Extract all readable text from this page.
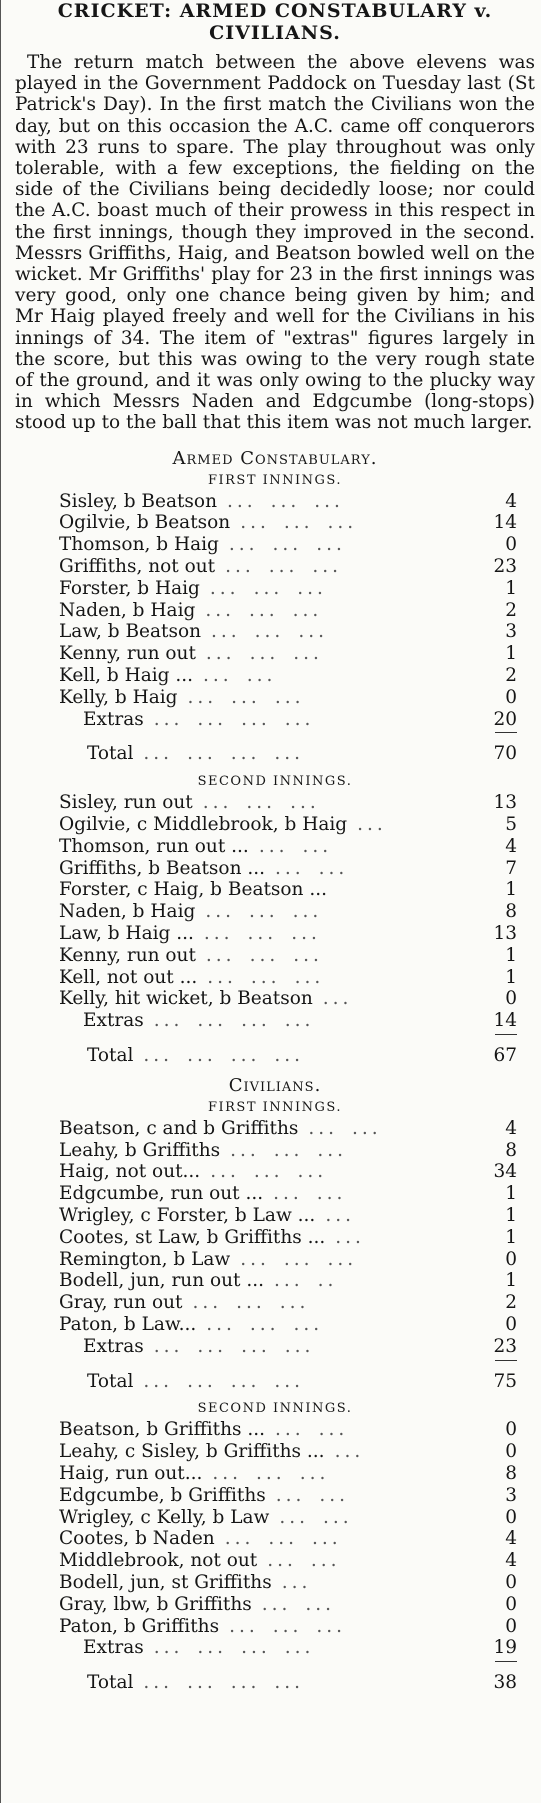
CRICKET: ARMED CONSTABULARY v. CIVILIANS.

The return match between the above elevens was played in the Government Paddock on Tuesday last (St Patrick's Day). In the first match the Civilians won the day, but on this occasion the A.C. came off conquerors with 23 runs to spare. The play throughout was only tolerable, with a few exceptions, the fielding on the side of the Civilians being decidedly loose; nor could the A.C. boast much of their prowess in this respect in the first innings, though they improved in the second. Messrs Griffiths, Haig, and Beatson bowled well on the wicket. Mr Griffiths' play for 23 in the first innings was very good, only one chance being given by him; and Mr Haig played freely and well for the Civilians in his innings of 34. The item of "extras" figures largely in the score, but this was owing to the very rough state of the ground, and it was only owing to the plucky way in which Messrs Naden and Edgcumbe (long-stops) stood up to the ball that this item was not much larger.

Armed Constabulary.
FIRST INNINGS.
Sisley, b Beatson ... ... ...	4
Ogilvie, b Beatson ... ... ...	14
Thomson, b Haig ... ... ...	0
Griffiths, not out ... ... ...	23
Forster, b Haig ... ... ...	1
Naden, b Haig ... ... ...	2
Law, b Beatson ... ... ...	3
Kenny, run out ... ... ...	1
Kell, b Haig ... ... ...	2
Kelly, b Haig ... ... ...	0
Extras ... ... ... ...	20
Total ... ... ... ...	70
SECOND INNINGS.
Sisley, run out ... ... ...	13
Ogilvie, c Middlebrook, b Haig ...	5
Thomson, run out ... ... ...	4
Griffiths, b Beatson ... ... ...	7
Forster, c Haig, b Beatson ...	1
Naden, b Haig ... ... ...	8
Law, b Haig ... ... ... ...	13
Kenny, run out ... ... ...	1
Kell, not out ... ... ... ...	1
Kelly, hit wicket, b Beatson ...	0
Extras ... ... ... ...	14
Total ... ... ... ...	67
Civilians.
FIRST INNINGS.
Beatson, c and b Griffiths ... ...	4
Leahy, b Griffiths ... ... ...	8
Haig, not out... ... ... ...	34
Edgcumbe, run out ... ... ...	1
Wrigley, c Forster, b Law ... ...	1
Cootes, st Law, b Griffiths ... ...	1
Remington, b Law ... ... ...	0
Bodell, jun, run out ... ... ..	1
Gray, run out ... ... ...	2
Paton, b Law... ... ... ...	0
Extras ... ... ... ...	23
Total ... ... ... ...	75
SECOND INNINGS.
Beatson, b Griffiths ... ... ...	0
Leahy, c Sisley, b Griffiths ... ...	0
Haig, run out... ... ... ...	8
Edgcumbe, b Griffiths ... ...	3
Wrigley, c Kelly, b Law ... ...	0
Cootes, b Naden ... ... ...	4
Middlebrook, not out ... ...	4
Bodell, jun, st Griffiths ...	0
Gray, lbw, b Griffiths ... ...	0
Paton, b Griffiths ... ... ...	0
Extras ... ... ... ...	19
Total ... ... ... ...	38
